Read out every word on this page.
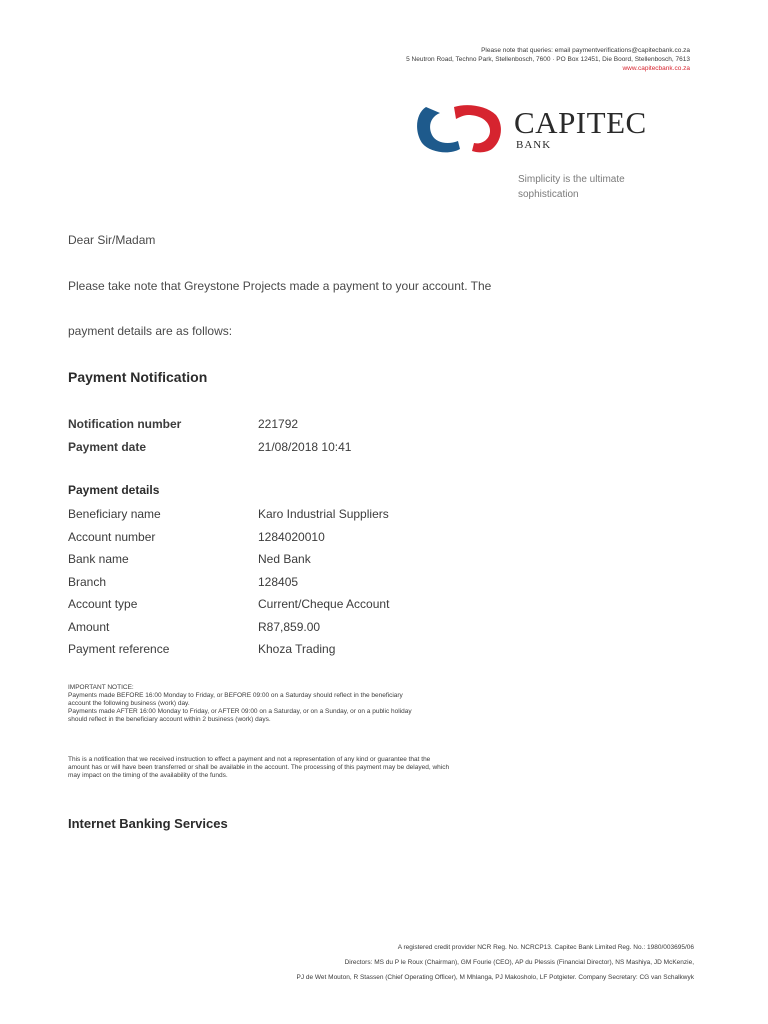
Please note that queries: email paymentverifications@capitecbank.co.za
5 Neutron Road, Techno Park, Stellenbosch, 7600 · PO Box 12451, Die Boord, Stellenbosch, 7613
www.capitecbank.co.za
CAPITEC
BANK
Simplicity is the ultimate sophistication
Dear Sir/Madam
Please take note that Greystone Projects made a payment to your account. The
payment details are as follows:
Payment Notification
Notification number	221792
Payment date	21/08/2018 10:41
Payment details
Beneficiary name	Karo Industrial Suppliers
Account number	1284020010
Bank name	Ned Bank
Branch	128405
Account type	Current/Cheque Account
Amount	R87,859.00
Payment reference	Khoza Trading
IMPORTANT NOTICE:
Payments made BEFORE 16:00 Monday to Friday, or BEFORE 09:00 on a Saturday should reflect in the beneficiary
account the following business (work) day.
Payments made AFTER 16:00 Monday to Friday, or AFTER 09:00 on a Saturday, or on a Sunday, or on a public holiday
should reflect in the beneficiary account within 2 business (work) days.
This is a notification that we received instruction to effect a payment and not a representation of any kind or guarantee that the
amount has or will have been transferred or shall be available in the account. The processing of this payment may be delayed, which
may impact on the timing of the availability of the funds.
Internet Banking Services
A registered credit provider NCR Reg. No. NCRCP13. Capitec Bank Limited Reg. No.: 1980/003695/06
Directors: MS du P le Roux (Chairman), GM Fourie (CEO), AP du Plessis (Financial Director), NS Mashiya, JD McKenzie,
PJ de Wet Mouton, R Stassen (Chief Operating Officer), M Mhlanga, PJ Makosholo, LF Potgieter. Company Secretary: CG van Schalkwyk
